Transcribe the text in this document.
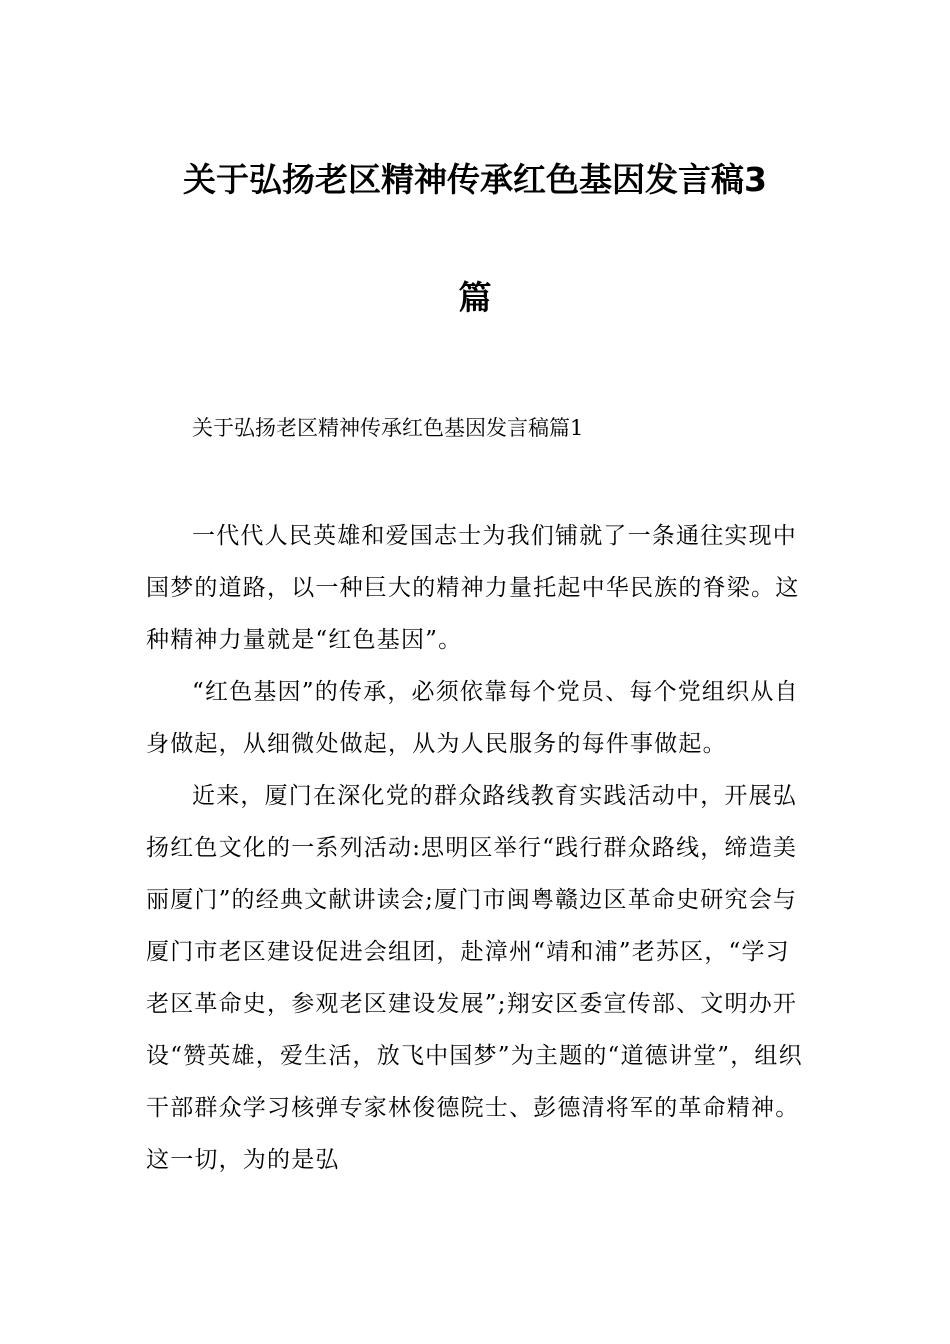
关于弘扬老区精神传承红色基因发言稿3
篇
关于弘扬老区精神传承红色基因发言稿篇1

一代代人民英雄和爱国志士为我们铺就了一条通往实现中国梦的道路，以一种巨大的精神力量托起中华民族的脊梁。这种精神力量就是“红色基因”。

“红色基因”的传承，必须依靠每个党员、每个党组织从自身做起，从细微处做起，从为人民服务的每件事做起。

近来，厦门在深化党的群众路线教育实践活动中，开展弘扬红色文化的一系列活动:思明区举行“践行群众路线，缔造美丽厦门”的经典文献讲读会;厦门市闽粤赣边区革命史研究会与厦门市老区建设促进会组团，赴漳州“靖和浦”老苏区，“学习老区革命史，参观老区建设发展”;翔安区委宣传部、文明办开设“赞英雄，爱生活，放飞中国梦”为主题的“道德讲堂”，组织干部群众学习核弹专家林俊德院士、彭德清将军的革命精神。这一切，为的是弘
